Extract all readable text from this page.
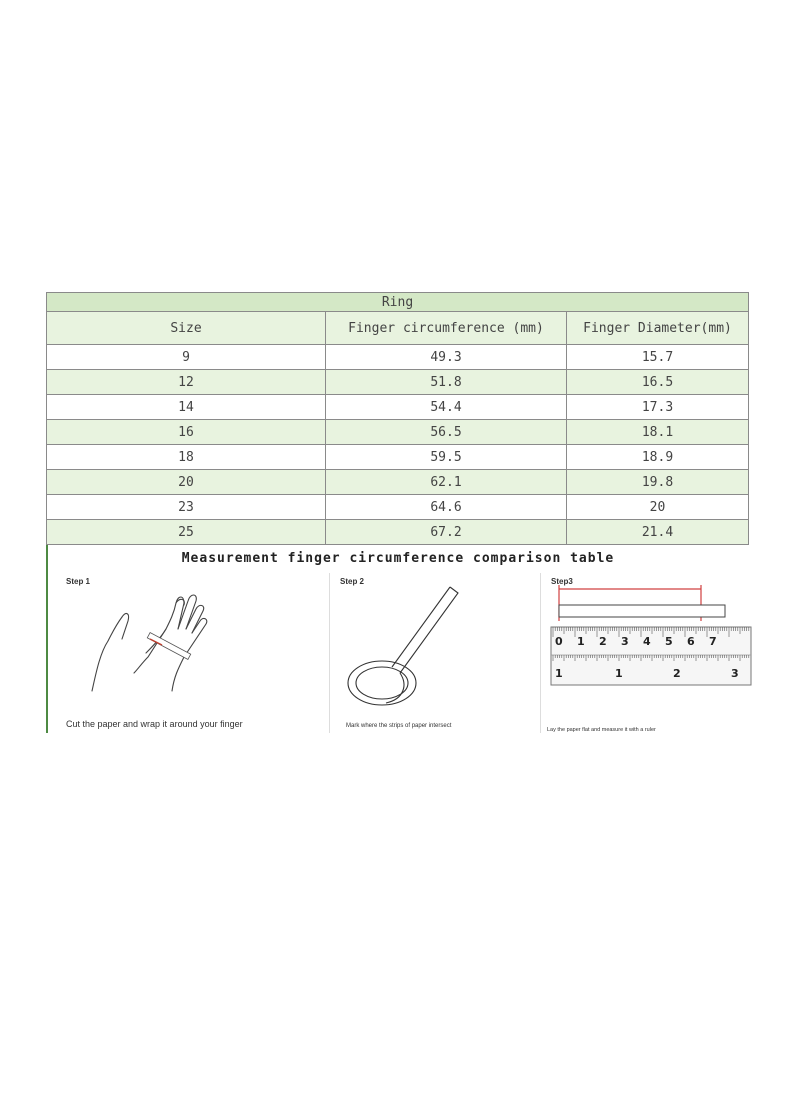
Ring		
Size	Finger circumference (mm)	Finger Diameter(mm)
9	49.3	15.7
12	51.8	16.5
14	54.4	17.3
16	56.5	18.1
18	59.5	18.9
20	62.1	19.8
23	64.6	20
25	67.2	21.4
Measurement finger circumference comparison table
Step 1
Cut the paper and wrap it around your finger
Step 2
Mark where the strips of paper intersect
Step3
0 1 2 3 4 5 6 7
1	1	2	3
Lay the paper flat and measure it with a ruler
